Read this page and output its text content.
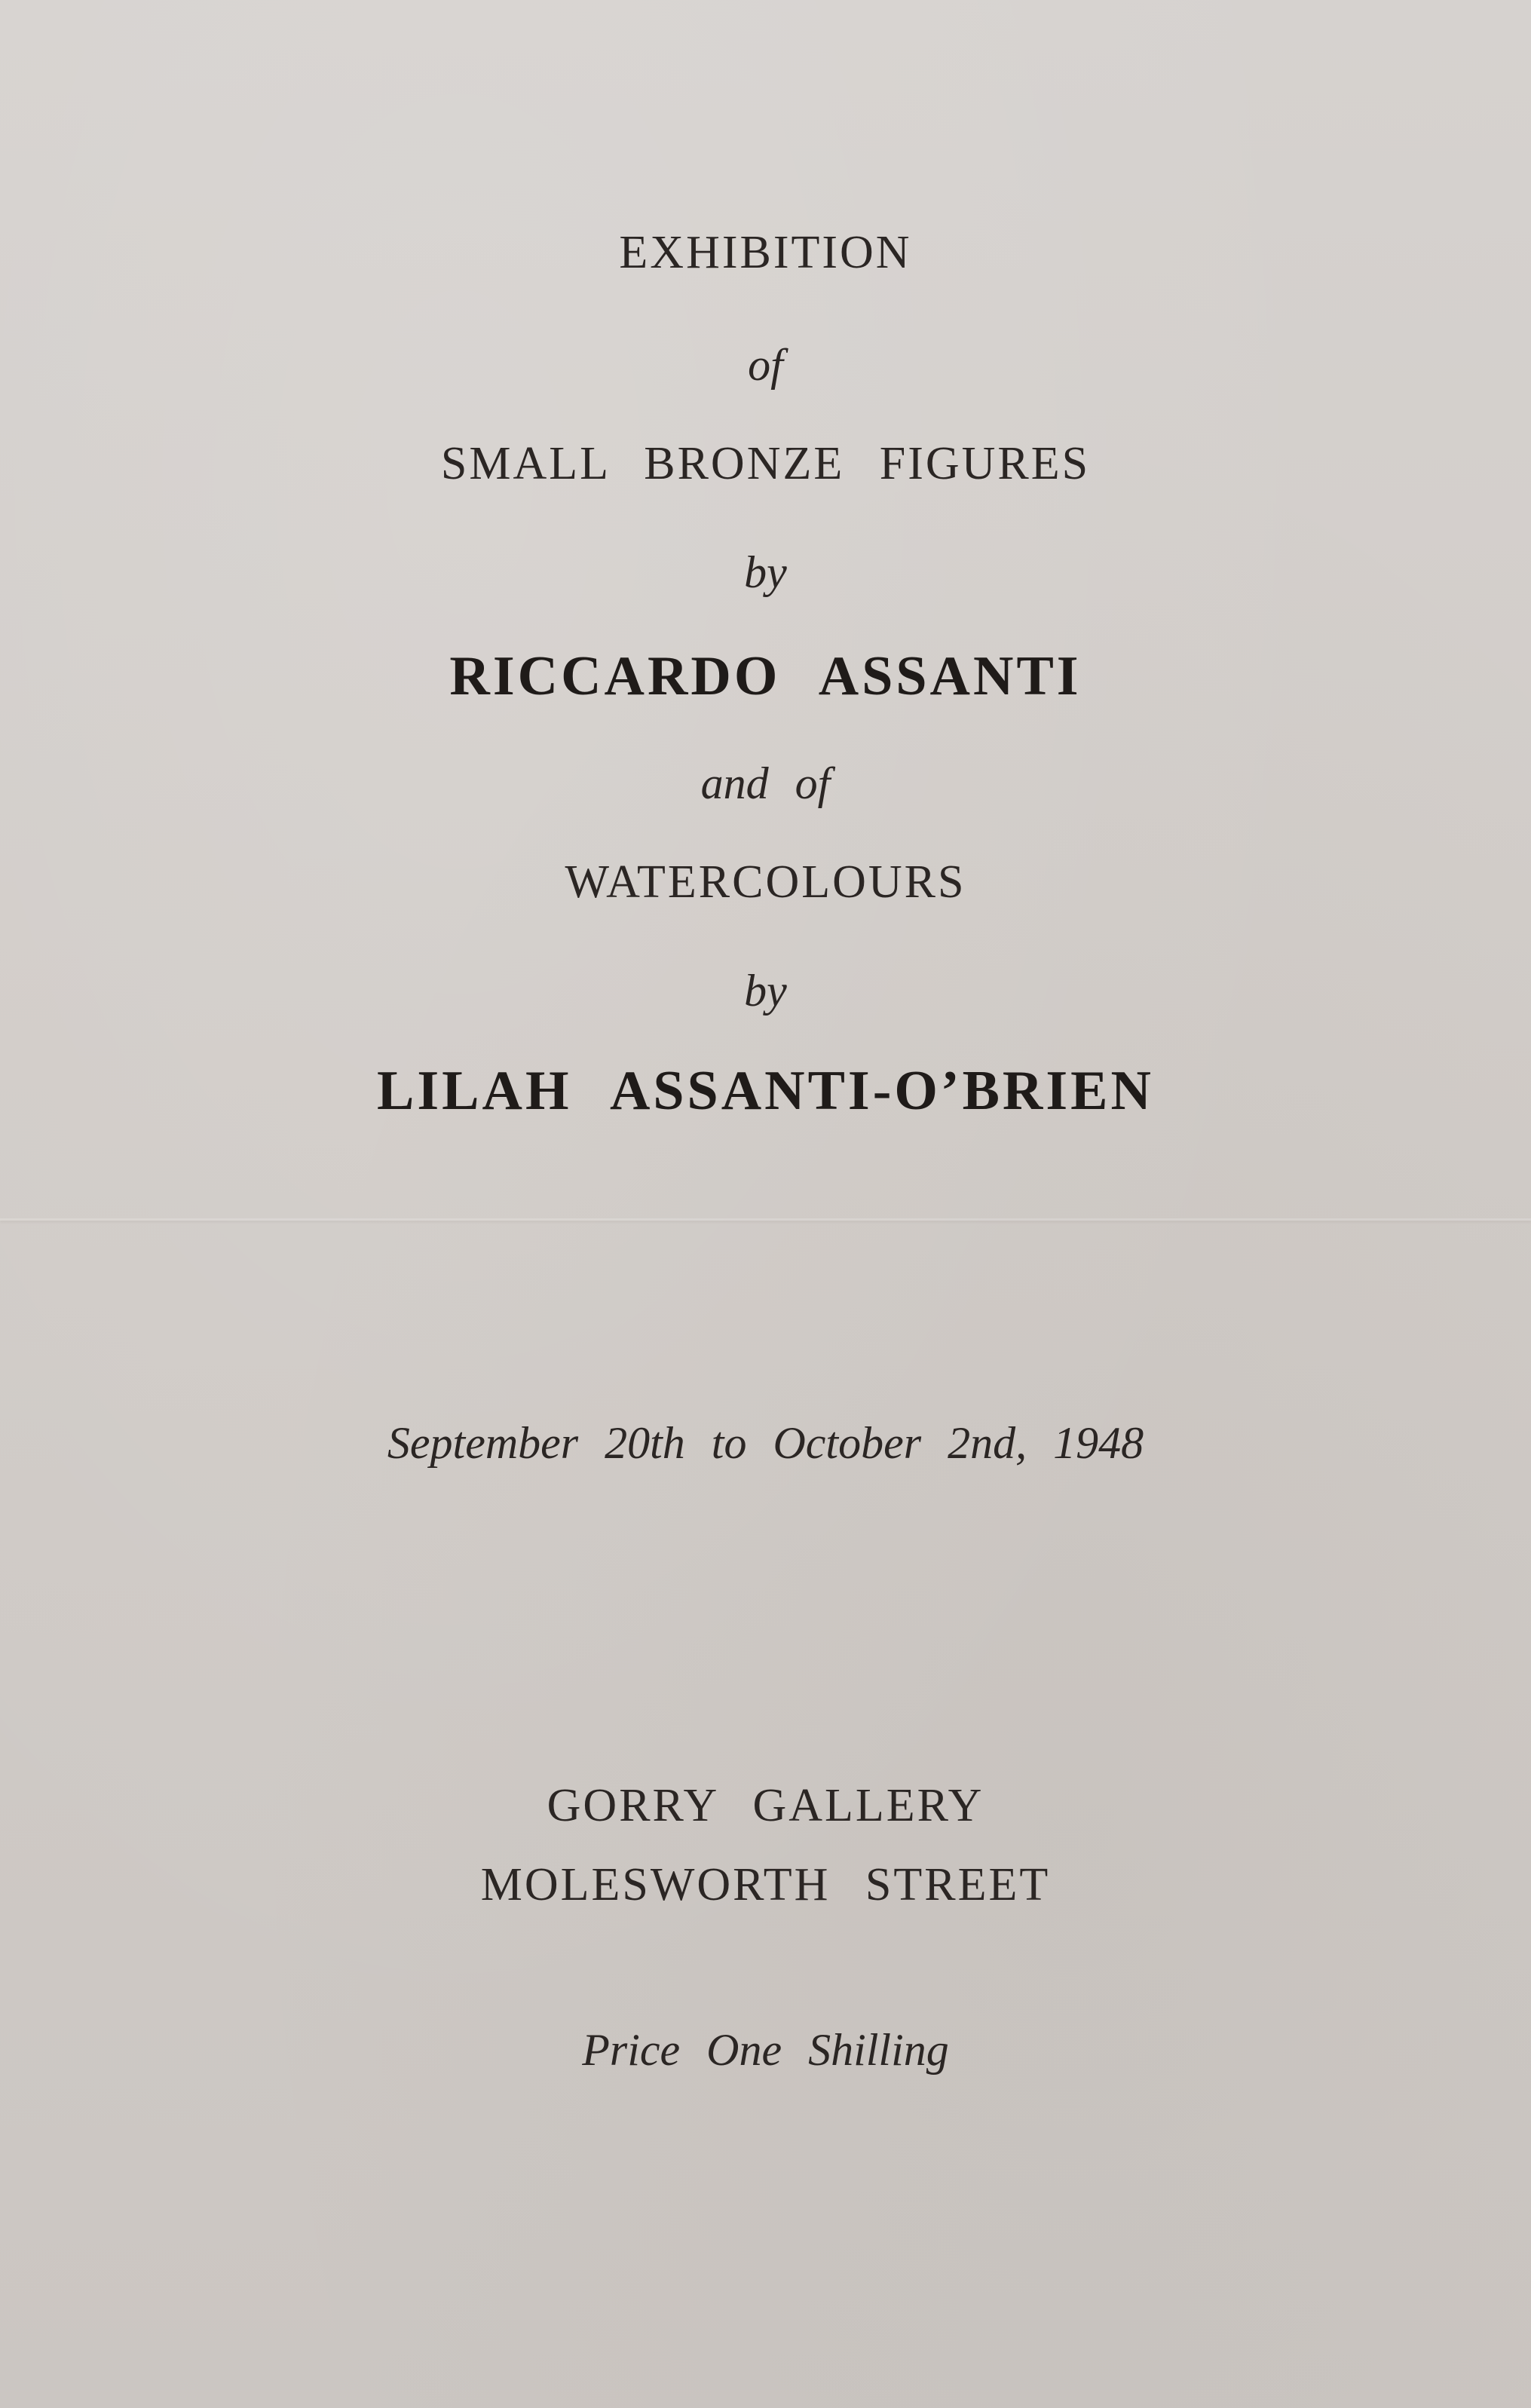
EXHIBITION
of
SMALL BRONZE FIGURES
by
RICCARDO ASSANTI
and of
WATERCOLOURS
by
LILAH ASSANTI-O’BRIEN
September 20th to October 2nd, 1948
GORRY GALLERY
MOLESWORTH STREET
Price One Shilling
